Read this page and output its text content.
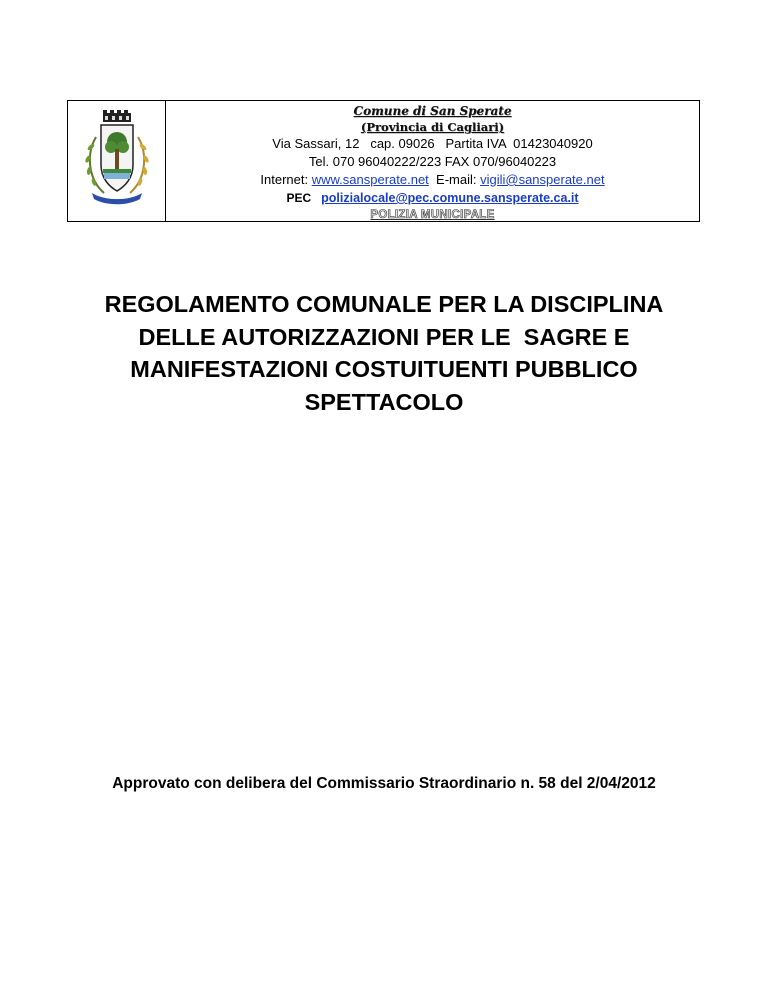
Comune di San Sperate
(Provincia di Cagliari)
Via Sassari, 12   cap. 09026   Partita IVA  01423040920
Tel. 070 96040222/223 FAX 070/96040223
Internet: www.sansperate.net  E-mail: vigili@sansperate.net
PEC   polizialocale@pec.comune.sansperate.ca.it
POLIZIA MUNICIPALE
REGOLAMENTO COMUNALE PER LA DISCIPLINA
DELLE AUTORIZZAZIONI PER LE  SAGRE E
MANIFESTAZIONI COSTUITUENTI PUBBLICO
SPETTACOLO
Approvato con delibera del Commissario Straordinario n. 58 del 2/04/2012
